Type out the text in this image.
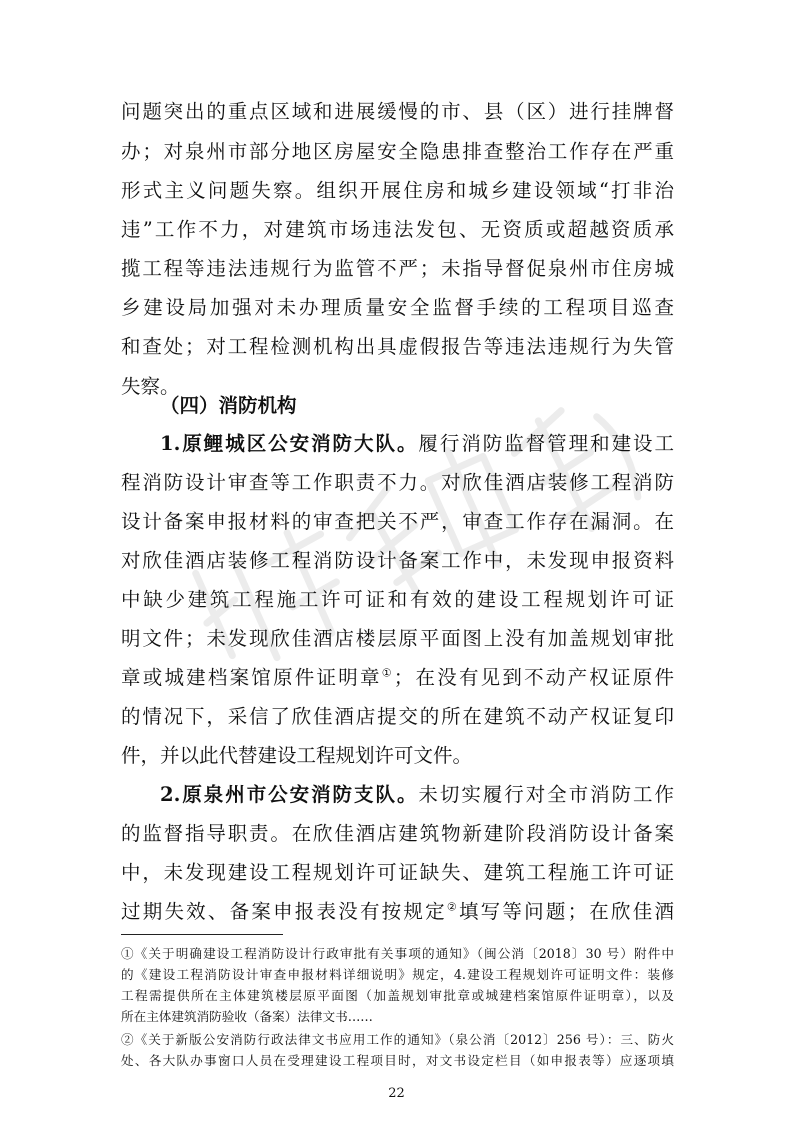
问题突出的重点区域和进展缓慢的市、县（区）进行挂牌督
办；对泉州市部分地区房屋安全隐患排查整治工作存在严重
形式主义问题失察。组织开展住房和城乡建设领域“打非治
违”工作不力，对建筑市场违法发包、无资质或超越资质承
揽工程等违法违规行为监管不严；未指导督促泉州市住房城
乡建设局加强对未办理质量安全监督手续的工程项目巡查
和查处；对工程检测机构出具虚假报告等违法违规行为失管
失察。
（四）消防机构
1.原鲤城区公安消防大队。履行消防监督管理和建设工
程消防设计审查等工作职责不力。对欣佳酒店装修工程消防
设计备案申报材料的审查把关不严，审查工作存在漏洞。在
对欣佳酒店装修工程消防设计备案工作中，未发现申报资料
中缺少建筑工程施工许可证和有效的建设工程规划许可证
明文件；未发现欣佳酒店楼层原平面图上没有加盖规划审批
章或城建档案馆原件证明章①；在没有见到不动产权证原件
的情况下，采信了欣佳酒店提交的所在建筑不动产权证复印
件，并以此代替建设工程规划许可文件。
2.原泉州市公安消防支队。未切实履行对全市消防工作
的监督指导职责。在欣佳酒店建筑物新建阶段消防设计备案
中，未发现建设工程规划许可证缺失、建筑工程施工许可证
过期失效、备案申报表没有按规定②填写等问题；在欣佳酒
①《关于明确建设工程消防设计行政审批有关事项的通知》（闽公消〔2018〕30 号）附件中
的《建设工程消防设计审查申报材料详细说明》规定，4.建设工程规划许可证明文件：装修
工程需提供所在主体建筑楼层原平面图（加盖规划审批章或城建档案馆原件证明章），以及
所在主体建筑消防验收（备案）法律文书……
②《关于新版公安消防行政法律文书应用工作的通知》（泉公消〔2012〕256 号）：三、防火
处、各大队办事窗口人员在受理建设工程项目时，对文书设定栏目（如申报表等）应逐项填
22
